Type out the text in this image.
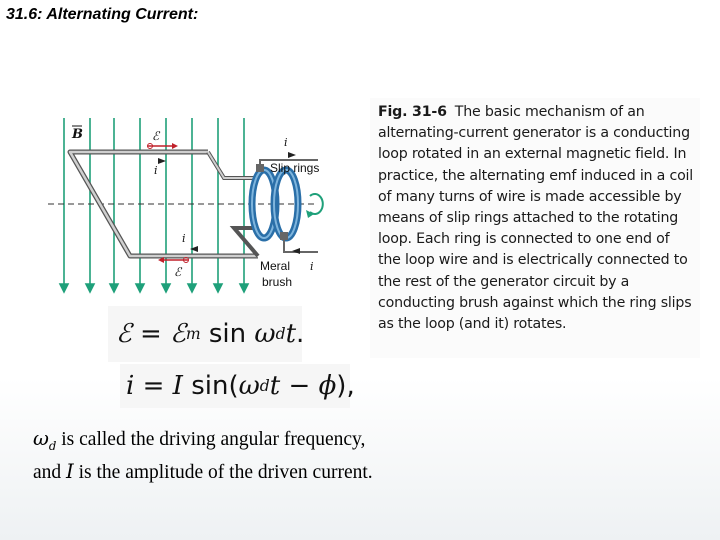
31.6: Alternating Current:
B	ℰ
i
i
i
ℰ	i
Slip rings
Meral
brush
Fig. 31-6 The basic mechanism of an alternating-current generator is a conducting loop rotated in an external magnetic field. In practice, the alternating emf induced in a coil of many turns of wire is made accessible by means of slip rings attached to the rotating loop. Each ring is connected to one end of the loop wire and is electrically connected to the rest of the generator circuit by a conducting brush against which the ring slips as the loop (and it) rotates.
ℰ = ℰ m sin ω d t .
i = I sin( ω d t − ϕ ),
$\omega_d$ is called the driving angular frequency,
and I is the amplitude of the driven current.
